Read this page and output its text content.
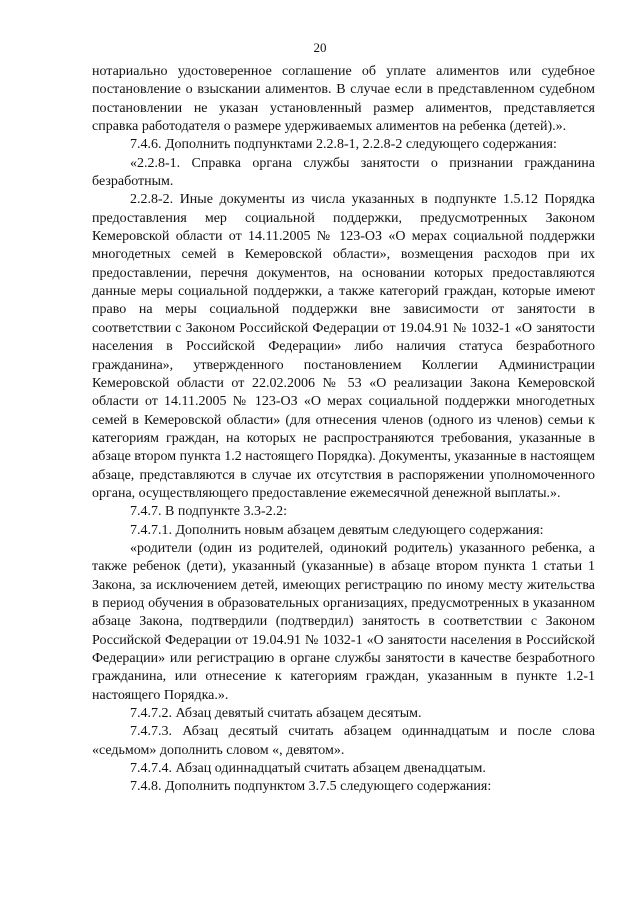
20

нотариально удостоверенное соглашение об уплате алиментов или судебное постановление о взыскании алиментов. В случае если в представленном судебном постановлении не указан установленный размер алиментов, представляется справка работодателя о размере удерживаемых алиментов на ребенка (детей).».

7.4.6. Дополнить подпунктами 2.2.8-1, 2.2.8-2 следующего содержания:

«2.2.8-1. Справка органа службы занятости о признании гражданина безработным.

2.2.8-2. Иные документы из числа указанных в подпункте 1.5.12 Порядка предоставления мер социальной поддержки, предусмотренных Законом Кемеровской области от 14.11.2005 № 123-ОЗ «О мерах социальной поддержки многодетных семей в Кемеровской области», возмещения расходов при их предоставлении, перечня документов, на основании которых предоставляются данные меры социальной поддержки, а также категорий граждан, которые имеют право на меры социальной поддержки вне зависимости от занятости в соответствии с Законом Российской Федерации от 19.04.91 № 1032-1 «О занятости населения в Российской Федерации» либо наличия статуса безработного гражданина», утвержденного постановлением Коллегии Администрации Кемеровской области от 22.02.2006 № 53 «О реализации Закона Кемеровской области от 14.11.2005 № 123-ОЗ «О мерах социальной поддержки многодетных семей в Кемеровской области» (для отнесения членов (одного из членов) семьи к категориям граждан, на которых не распространяются требования, указанные в абзаце втором пункта 1.2 настоящего Порядка). Документы, указанные в настоящем абзаце, представляются в случае их отсутствия в распоряжении уполномоченного органа, осуществляющего предоставление ежемесячной денежной выплаты.».

7.4.7. В подпункте 3.3-2.2:

7.4.7.1. Дополнить новым абзацем девятым следующего содержания:

«родители (один из родителей, одинокий родитель) указанного ребенка, а также ребенок (дети), указанный (указанные) в абзаце втором пункта 1 статьи 1 Закона, за исключением детей, имеющих регистрацию по иному месту жительства в период обучения в образовательных организациях, предусмотренных в указанном абзаце Закона, подтвердили (подтвердил) занятость в соответствии с Законом Российской Федерации от 19.04.91 № 1032-1 «О занятости населения в Российской Федерации» или регистрацию в органе службы занятости в качестве безработного гражданина, или отнесение к категориям граждан, указанным в пункте 1.2-1 настоящего Порядка.».

7.4.7.2. Абзац девятый считать абзацем десятым.

7.4.7.3. Абзац десятый считать абзацем одиннадцатым и после слова «седьмом» дополнить словом «, девятом».

7.4.7.4. Абзац одиннадцатый считать абзацем двенадцатым.

7.4.8. Дополнить подпунктом 3.7.5 следующего содержания:
